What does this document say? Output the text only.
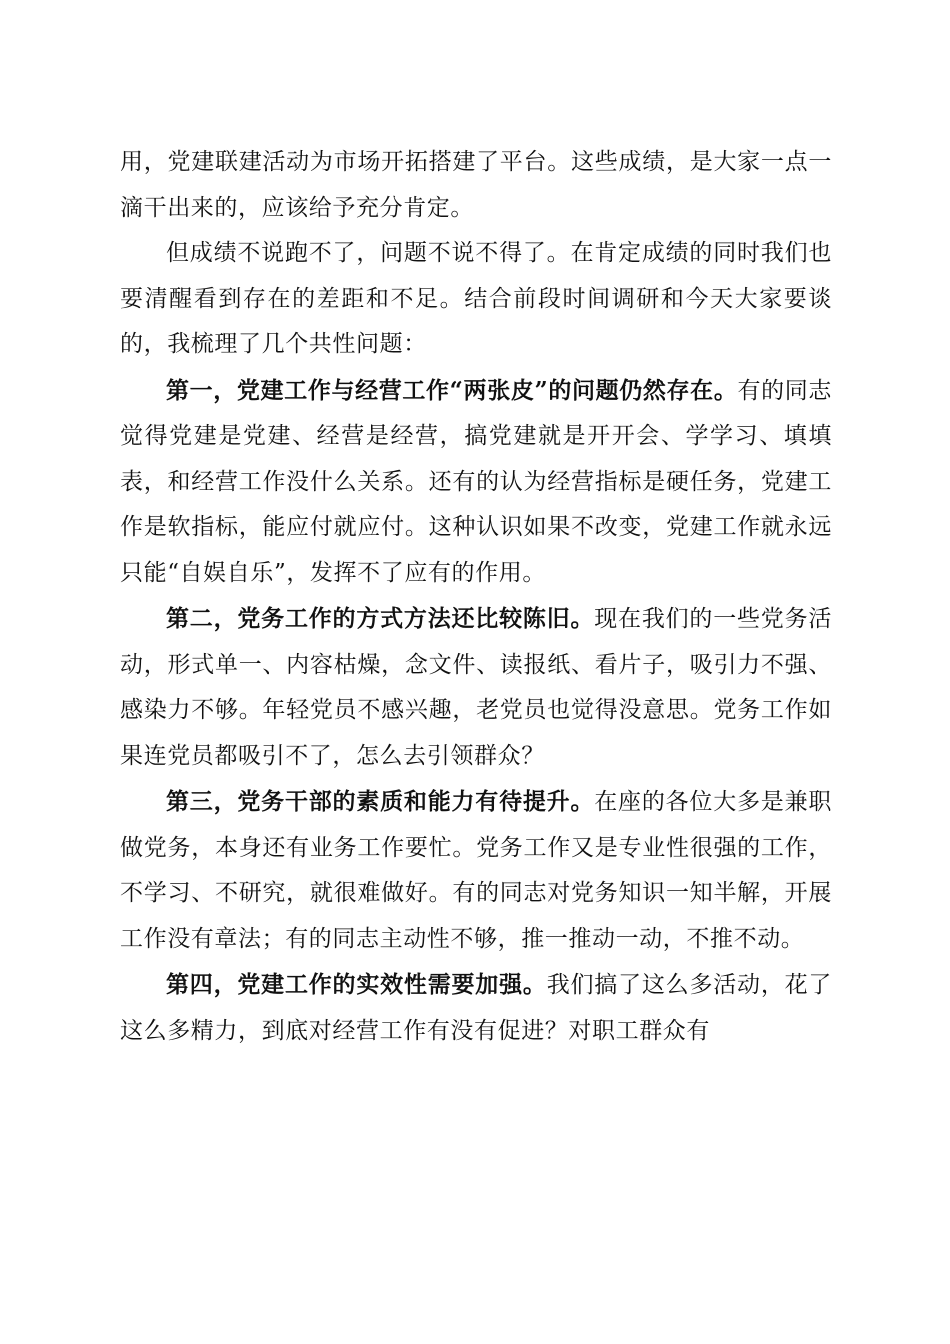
用，党建联建活动为市场开拓搭建了平台。这些成绩，是大家一点一滴干出来的，应该给予充分肯定。

但成绩不说跑不了，问题不说不得了。在肯定成绩的同时我们也要清醒看到存在的差距和不足。结合前段时间调研和今天大家要谈的，我梳理了几个共性问题：

第一，党建工作与经营工作“两张皮”的问题仍然存在。有的同志觉得党建是党建、经营是经营，搞党建就是开开会、学学习、填填表，和经营工作没什么关系。还有的认为经营指标是硬任务，党建工作是软指标，能应付就应付。这种认识如果不改变，党建工作就永远只能“自娱自乐”，发挥不了应有的作用。

第二，党务工作的方式方法还比较陈旧。现在我们的一些党务活动，形式单一、内容枯燥，念文件、读报纸、看片子，吸引力不强、感染力不够。年轻党员不感兴趣，老党员也觉得没意思。党务工作如果连党员都吸引不了，怎么去引领群众？

第三，党务干部的素质和能力有待提升。在座的各位大多是兼职做党务，本身还有业务工作要忙。党务工作又是专业性很强的工作，不学习、不研究，就很难做好。有的同志对党务知识一知半解，开展工作没有章法；有的同志主动性不够，推一推动一动，不推不动。

第四，党建工作的实效性需要加强。我们搞了这么多活动，花了这么多精力，到底对经营工作有没有促进？对职工群众有
